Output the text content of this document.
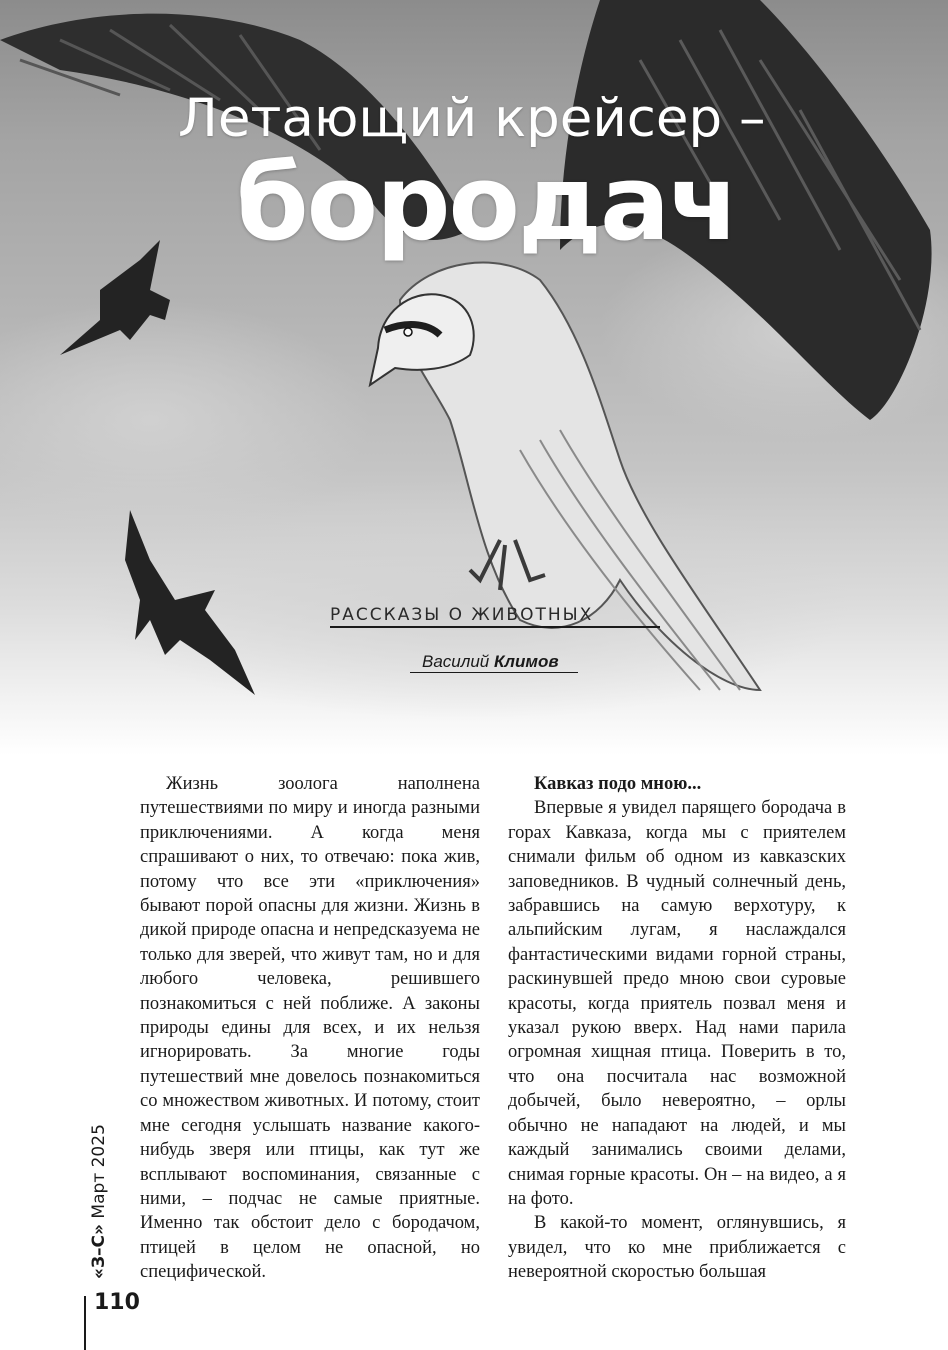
Летающий крейсер –
бородач
РАССКАЗЫ О ЖИВОТНЫХ
Василий Климов

Жизнь зоолога наполнена путешествиями по миру и иногда разными приключениями. А когда меня спрашивают о них, то отвечаю: пока жив, потому что все эти «приключения» бывают порой опасны для жизни. Жизнь в дикой природе опасна и непредсказуема не только для зверей, что живут там, но и для любого человека, решившего познакомиться с ней поближе. А законы природы едины для всех, и их нельзя игнорировать. За многие годы путешествий мне довелось познакомиться со множеством животных. И потому, стоит мне сегодня услышать название какого-нибудь зверя или птицы, как тут же всплывают воспоминания, связанные с ними, – подчас не самые приятные. Именно так обстоит дело с бородачом, птицей в целом не опасной, но специфической.

Кавказ подо мною...

Впервые я увидел парящего бородача в горах Кавказа, когда мы с приятелем снимали фильм об одном из кавказских заповедников. В чудный солнечный день, забравшись на самую верхотуру, к альпийским лугам, я наслаждался фантастическими видами горной страны, раскинувшей предо мною свои суровые красоты, когда приятель позвал меня и указал рукою вверх. Над нами парила огромная хищная птица. Поверить в то, что она посчитала нас возможной добычей, было невероятно, – орлы обычно не нападают на людей, и мы каждый занимались своими делами, снимая горные красоты. Он – на видео, а я на фото.

В какой-то момент, оглянувшись, я увидел, что ко мне приближается с невероятной скоростью большая

«З–С» Март 2025
110
